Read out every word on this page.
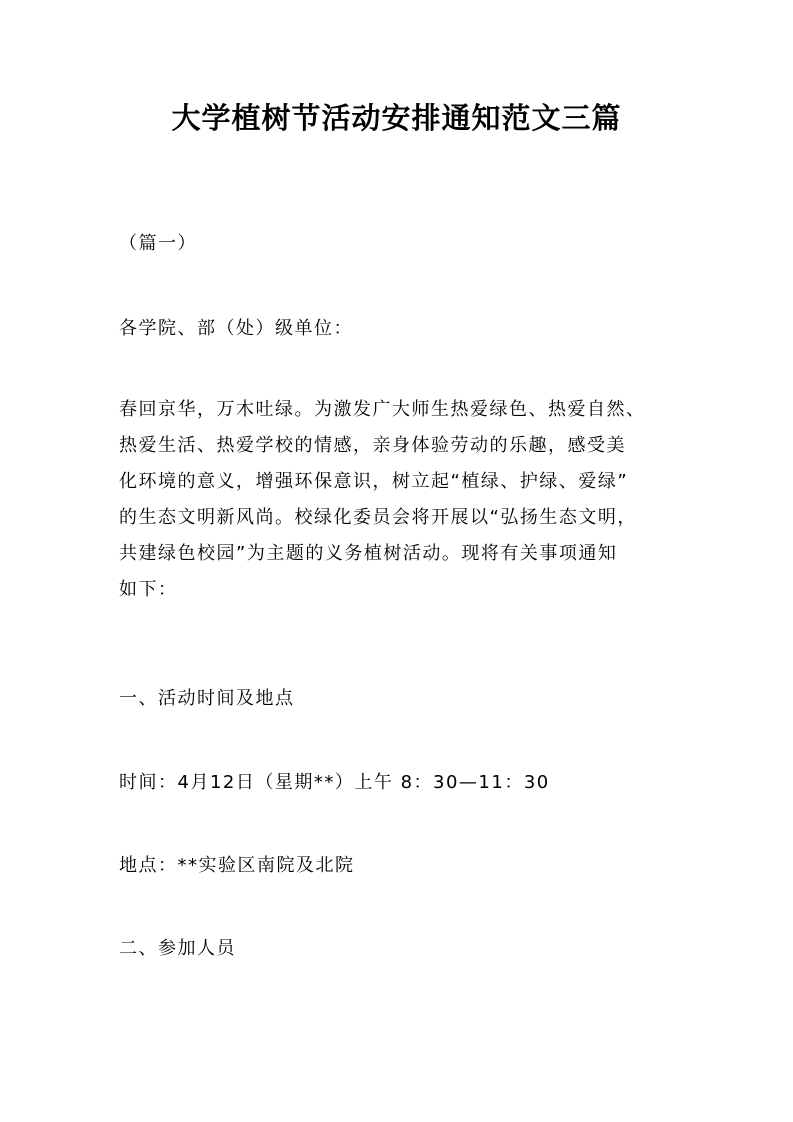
大学植树节活动安排通知范文三篇
（篇一）
各学院、部（处）级单位：
春回京华，万木吐绿。为激发广大师生热爱绿色、热爱自然、
热爱生活、热爱学校的情感，亲身体验劳动的乐趣，感受美
化环境的意义，增强环保意识，树立起“植绿、护绿、爱绿”
的生态文明新风尚。校绿化委员会将开展以“弘扬生态文明，
共建绿色校园”为主题的义务植树活动。现将有关事项通知
如下：
一、活动时间及地点
时间：4月12日（星期**）上午 8：30—11：30
地点：**实验区南院及北院
二、参加人员
